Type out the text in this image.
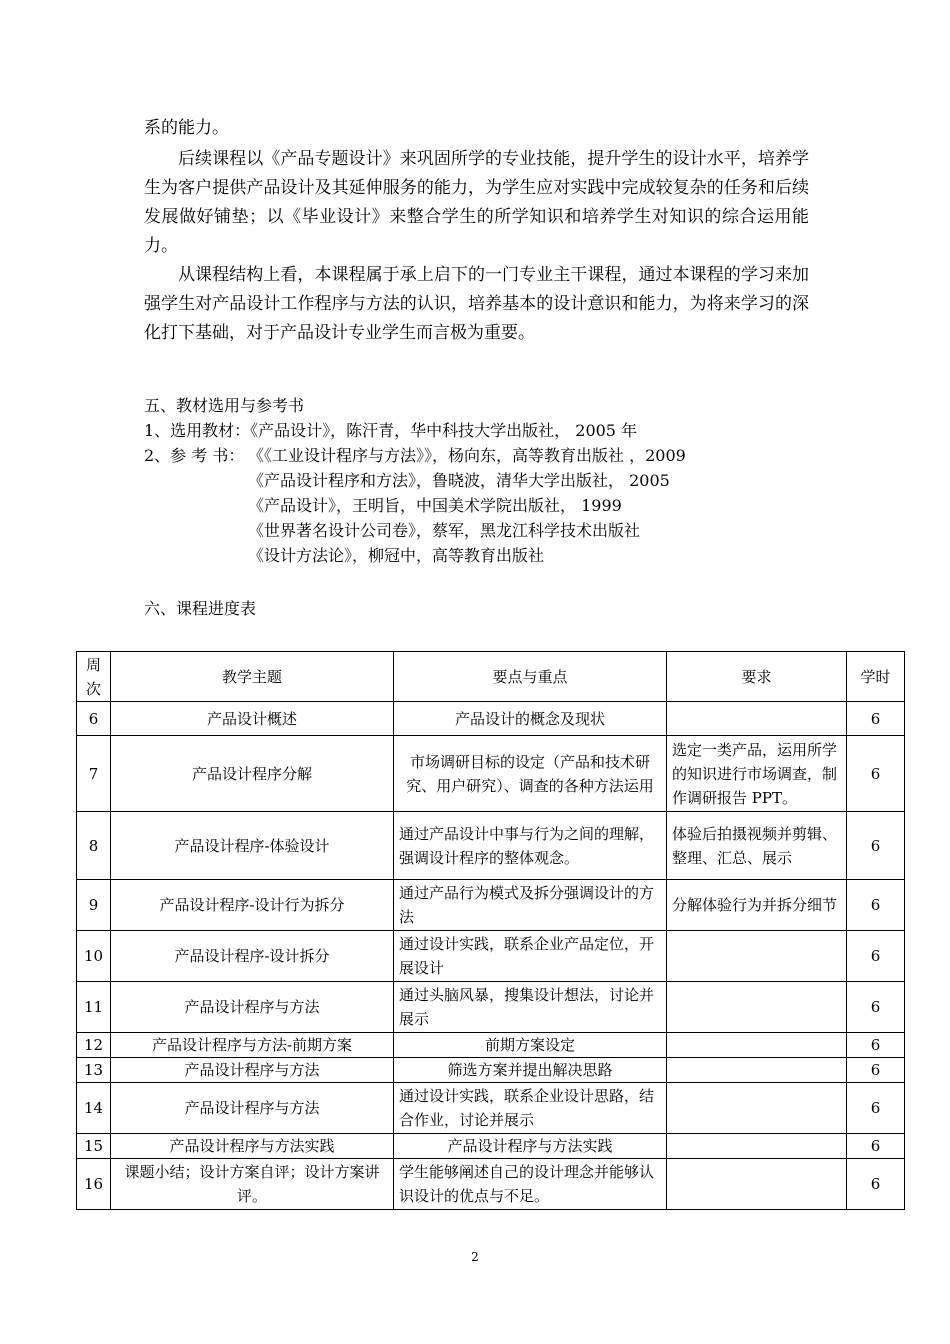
系的能力。

后续课程以《产品专题设计》来巩固所学的专业技能，提升学生的设计水平，培养学生为客户提供产品设计及其延伸服务的能力，为学生应对实践中完成较复杂的任务和后续发展做好铺垫；以《毕业设计》来整合学生的所学知识和培养学生对知识的综合运用能力。

从课程结构上看，本课程属于承上启下的一门专业主干课程，通过本课程的学习来加强学生对产品设计工作程序与方法的认识，培养基本的设计意识和能力，为将来学习的深化打下基础，对于产品设计专业学生而言极为重要。

五、教材选用与参考书
1、选用教材：《产品设计》，陈汗青，华中科技大学出版社， 2005 年
2、参 考 书： 《《工业设计程序与方法》》，杨向东，高等教育出版社 ，2009
《产品设计程序和方法》，鲁晓波，清华大学出版社， 2005
《产品设计》，王明旨，中国美术学院出版社， 1999
《世界著名设计公司卷》，蔡军，黑龙江科学技术出版社
《设计方法论》，柳冠中，高等教育出版社
六、课程进度表
周
次	教学主题	要点与重点	要求	学时
6	产品设计概述	产品设计的概念及现状		6
7	产品设计程序分解	市场调研目标的设定（产品和技术研究、用户研究）、调查的各种方法运用	选定一类产品，运用所学的知识进行市场调查，制作调研报告 PPT。	6
8	产品设计程序-体验设计	通过产品设计中事与行为之间的理解，强调设计程序的整体观念。	体验后拍摄视频并剪辑、整理、汇总、展示	6
9	产品设计程序-设计行为拆分	通过产品行为模式及拆分强调设计的方法	分解体验行为并拆分细节	6
10	产品设计程序-设计拆分	通过设计实践，联系企业产品定位，开展设计		6
11	产品设计程序与方法	通过头脑风暴，搜集设计想法，讨论并展示		6
12	产品设计程序与方法-前期方案	前期方案设定		6
13	产品设计程序与方法	筛选方案并提出解决思路		6
14	产品设计程序与方法	通过设计实践，联系企业设计思路，结合作业，讨论并展示		6
15	产品设计程序与方法实践	产品设计程序与方法实践		6
16	课题小结；设计方案自评；设计方案讲评。	学生能够阐述自己的设计理念并能够认识设计的优点与不足。		6
2
